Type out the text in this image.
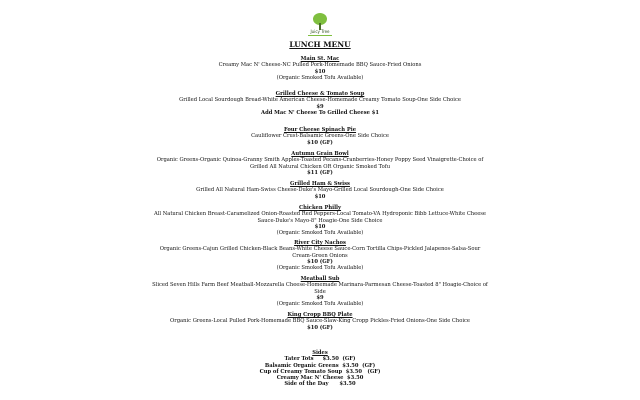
Juicy Tree
LUNCH MENU
Main St. Mac
Creamy Mac N' Cheese-NC Pulled Pork-Homemade BBQ Sauce-Fried Onions
$10
(Organic Smoked Tofu Available)
Grilled Cheese & Tomato Soup
Grilled Local Sourdough Bread-White American Cheese-Homemade Creamy Tomato Soup-One Side Choice
$9
Add Mac N' Cheese To Grilled Cheese $1
Four Cheese Spinach Pie
Cauliflower Crust-Balsamic Greens-One Side Choice
$10 (GF)
Autumn Grain Bowl
Organic Greens-Organic Quinoa-Granny Smith Apples-Toasted Pecans-Cranberries-Honey Poppy Seed Vinaigrette-Choice of Grilled All Natural Chicken OR Organic Smoked Tofu
$11 (GF)
Grilled Ham & Swiss
Grilled All Natural Ham-Swiss Cheese-Duke's Mayo-Grilled Local Sourdough-One Side Choice
$10
Chicken Philly
All Natural Chicken Breast-Caramelized Onion-Roasted Red Peppers-Local Tomato-VA Hydroponic Bibb Lettuce-White Cheese Sauce-Duke's Mayo-8" Hoagie-One Side Choice
$10
(Organic Smoked Tofu Available)
River City Nachos
Organic Greens-Cajun Grilled Chicken-Black Beans-White Cheese Sauce-Corn Tortilla Chips-Pickled Jalapenos-Salsa-Sour Cream-Green Onions
$10 (GF)
(Organic Smoked Tofu Available)
Meatball Sub
Sliced Seven Hills Farm Beef Meatball-Mozzarella Cheese-Homemade Marinara-Parmesan Cheese-Toasted 8" Hoagie-Choice of Side
$9
(Organic Smoked Tofu Available)
King Cropp BBQ Plate
Organic Greens-Local Pulled Pork-Homemade BBQ Sauce-Slaw-King Cropp Pickles-Fried Onions-One Side Choice
$10 (GF)
Sides
Tater Tots     $3.50  (GF)
Balsamic Organic Greens  $3.50  (GF)
Cup of Creamy Tomato Soup  $3.50   (GF)
Creamy Mac N' Cheese  $3.50
Side of the Day      $3.50
